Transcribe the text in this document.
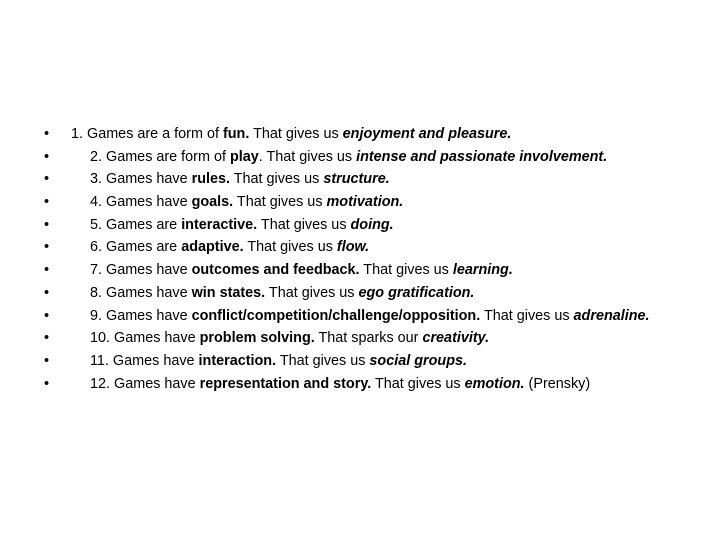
•	1. Games are a form of fun. That gives us enjoyment and pleasure.
•	2. Games are form of play. That gives us intense and passionate involvement.
•	3. Games have rules. That gives us structure.
•	4. Games have goals. That gives us motivation.
•	5. Games are interactive. That gives us doing.
•	6. Games are adaptive. That gives us flow.
•	7. Games have outcomes and feedback. That gives us learning.
•	8. Games have win states. That gives us ego gratification.
•	9. Games have conflict/competition/challenge/opposition. That gives us adrenaline.
•	10. Games have problem solving. That sparks our creativity.
•	11. Games have interaction. That gives us social groups.
•	12. Games have representation and story. That gives us emotion. (Prensky)
